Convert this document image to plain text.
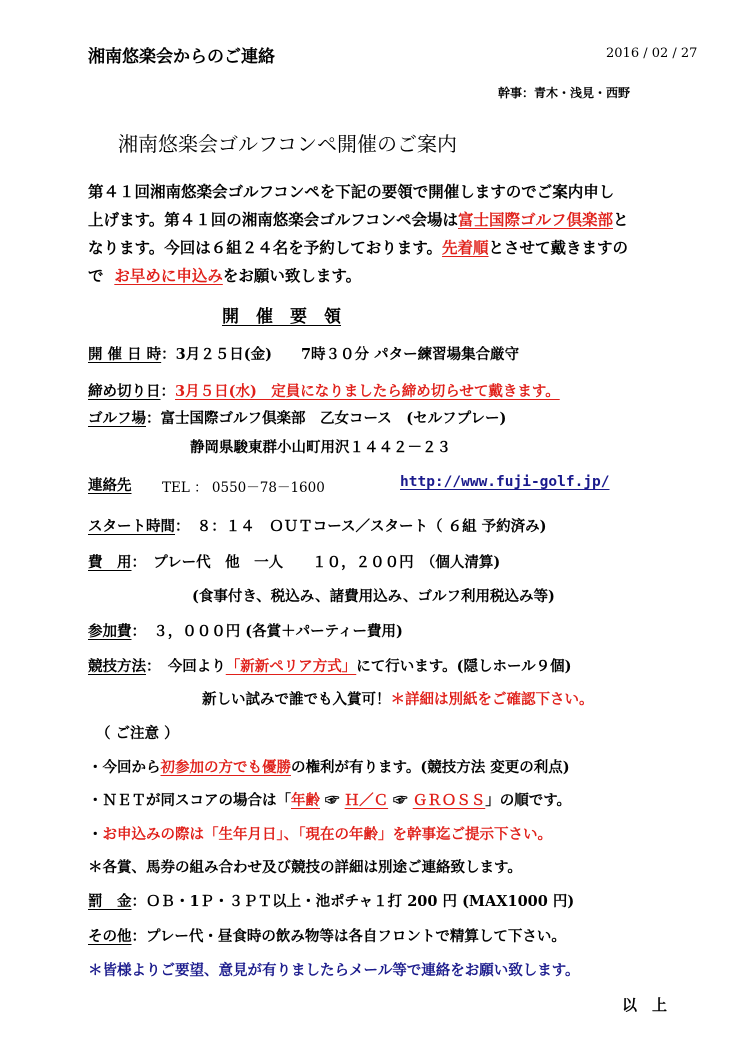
湘南悠楽会からのご連絡	2016 / 02 / 27
幹事：青木・浅見・西野
湘南悠楽会ゴルフコンペ開催のご案内
第４１回湘南悠楽会ゴルフコンペを下記の要領で開催しますのでご案内申し
上げます。第４１回の湘南悠楽会ゴルフコンペ会場は富士国際ゴルフ倶楽部と
なります。今回は６組２４名を予約しております。先着順とさせて戴きますの
で お早めに申込みをお願い致します。
開　催　要　領
開 催 日 時：3月２５日(金)　　7時３０分 パター練習場集合厳守
締め切り日：3月５日(水)　定員になりましたら締め切らせて戴きます。
ゴルフ場：富士国際ゴルフ倶楽部　乙女コース　(セルフプレー)
静岡県駿東群小山町用沢１４４２－２３
連絡先 TEL ： 0550－78－1600	http://www.fuji-golf.jp/
スタート時間：　８：１４　ＯＵＴコース／スタート（ ６組 予約済み)
費　用：　プレー代　他　一人　　１０，２００円　（個人清算)
(食事付き、税込み、諸費用込み、ゴルフ利用税込み等)
参加費：　３，０００円 (各賞＋パーティー費用)
競技方法：　今回より「新新ペリア方式」にて行います。(隠しホール９個)
新しい試みで誰でも入賞可！＊詳細は別紙をご確認下さい。
（ ご注意 ）
・今回から初参加の方でも優勝の権利が有ります。(競技方法 変更の利点)
・ＮＥＴが同スコアの場合は「年齢 ☞ Ｈ／Ｃ ☞ ＧＲＯＳＳ」の順です。
・お申込みの際は「生年月日」、「現在の年齢」を幹事迄ご提示下さい。
＊各賞、馬券の組み合わせ及び競技の詳細は別途ご連絡致します。
罰　金：ＯＢ・1Ｐ・３ＰＴ以上・池ポチャ１打 200 円 (MAX1000 円)
その他：プレー代・昼食時の飲み物等は各自フロントで精算して下さい。
＊皆様よりご要望、意見が有りましたらメール等で連絡をお願い致します。
以　上
